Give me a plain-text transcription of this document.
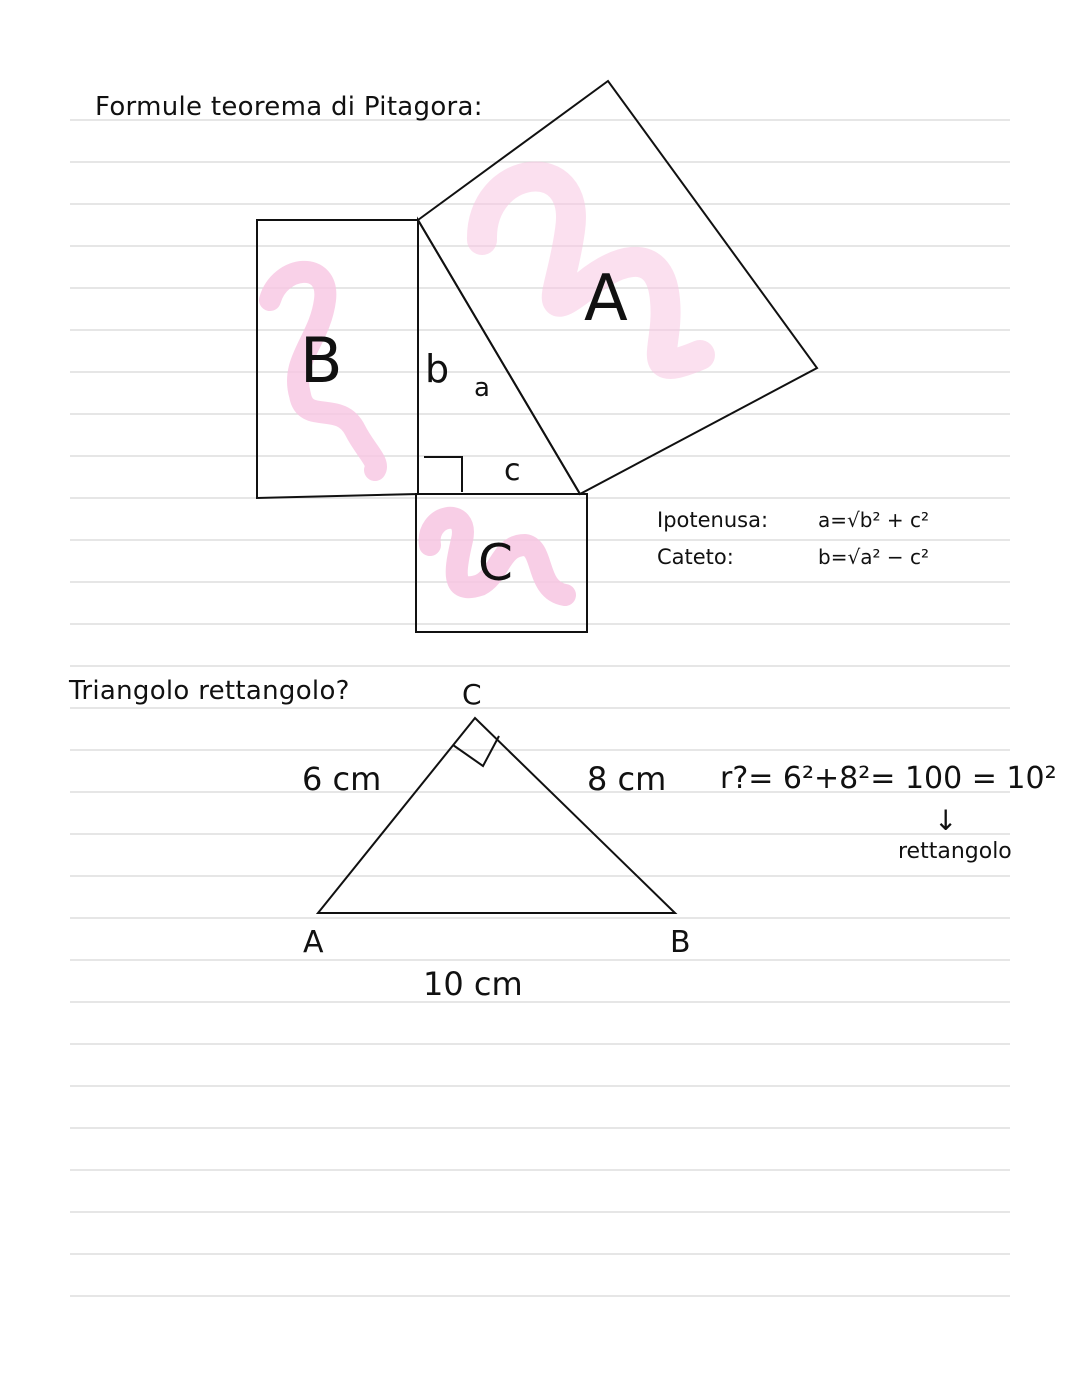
Formule teorema di Pitagora:
A
B
C
b a
c
Ipotenusa: a=√b² + c²
Cateto:	b=√a² − c²
Triangolo rettangolo?	C
A	B
6 cm	8 cm
10 cm
r?= 6²+8²= 100 = 10²
↓
rettangolo
